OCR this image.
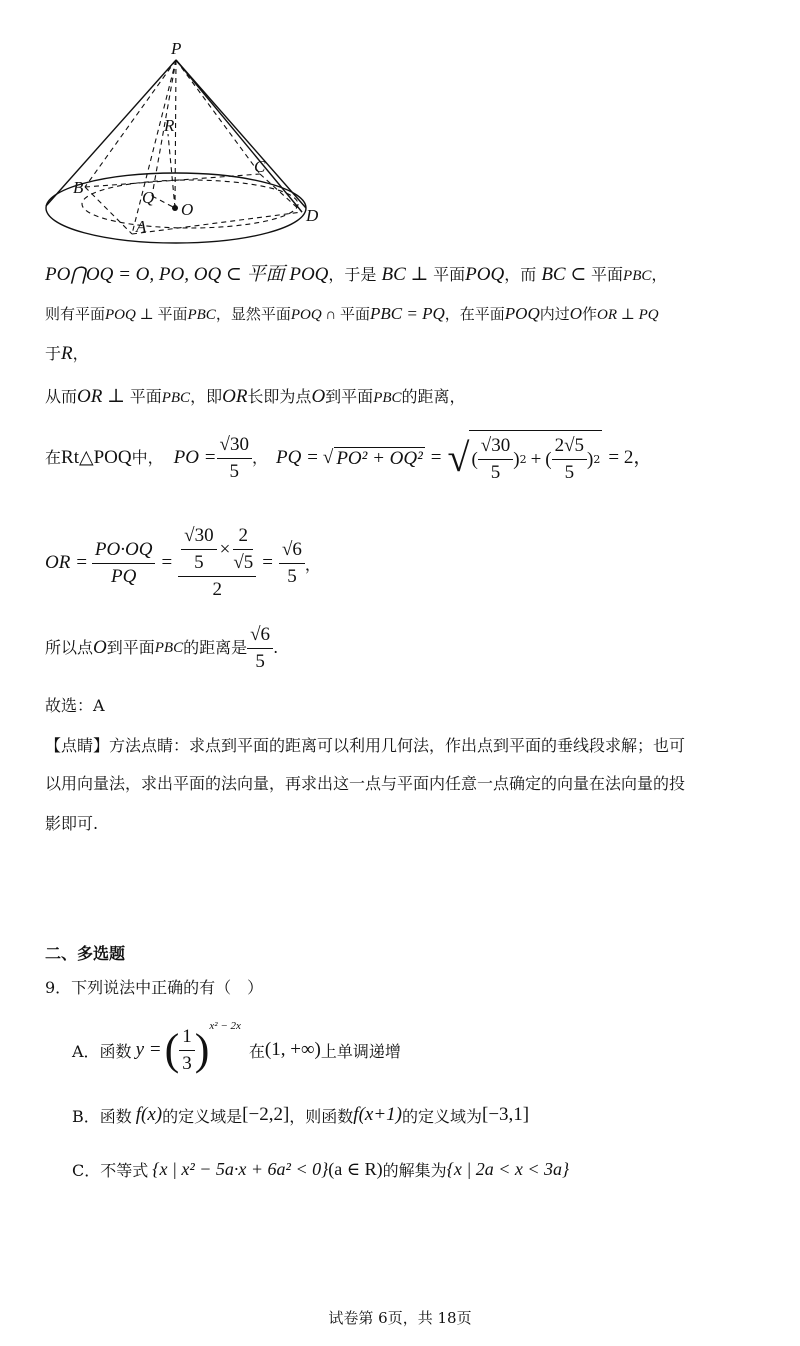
P
R
B
C
Q
O
A
D
PO⋂OQ = O, PO, OQ ⊂ 平面 POQ，于是 BC ⊥ 平面POQ，而 BC ⊂ 平面PBC，
则有平面POQ ⊥ 平面PBC，显然平面POQ ∩ 平面PBC = PQ，在平面POQ内过O作OR ⊥ PQ
于R，
从而OR ⊥ 平面PBC，即OR长即为点O到平面PBC的距离，
在 Rt△POQ 中， PO = $\frac{√30}{5}$ ， PQ = √ PO² + OQ² = √ ( $\frac{√30}{5}$ ) 2 + ( $\frac{2√5}{5}$ ) 2 = 2，
OR = $\frac{PO\cdot OQ}{PQ} = \frac{\frac{√30}{5} \times \frac{2}{√5}}{2} = \frac{√6}{5}$ ，
所以点 O 到平面 PBC 的距离是 $\frac{√6}{5}$ .
故选：A
【点睛】方法点睛：求点到平面的距离可以利用几何法，作出点到平面的垂线段求解；也可
以用向量法，求出平面的法向量，再求出这一点与平面内任意一点确定的向量在法向量的投
影即可.
二、多选题
9．下列说法中正确的有（　）
A．函数 y = ( $\frac{1}{3}$ ) x² − 2x
在 (1, +∞) 上单调递增
B．函数 f(x) 的定义域是 [−2,2] ，则函数 f(x+1) 的定义域为 [−3,1]
C．不等式 {x | x² − 5a·x + 6a² < 0} (a ∈ R) 的解集为 {x | 2a < x < 3a}
试卷第 6页，共 18页
